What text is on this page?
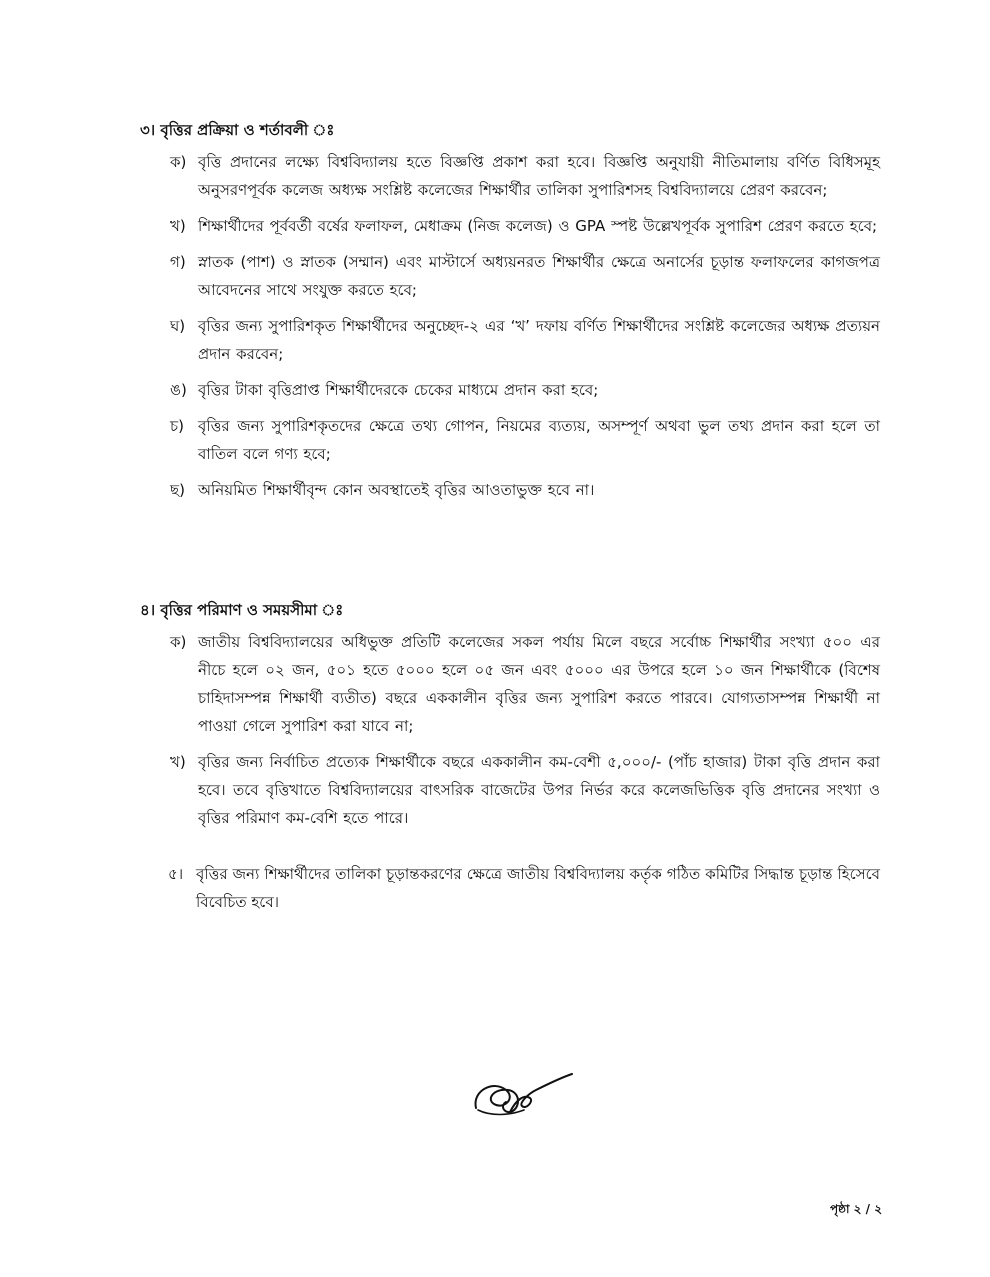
৩। বৃত্তির প্রক্রিয়া ও শর্তাবলী ঃ
ক) বৃত্তি প্রদানের লক্ষ্যে বিশ্ববিদ্যালয় হতে বিজ্ঞপ্তি প্রকাশ করা হবে। বিজ্ঞপ্তি অনুযায়ী নীতিমালায় বর্ণিত বিধিসমূহ অনুসরণপূর্বক কলেজ অধ্যক্ষ সংশ্লিষ্ট কলেজের শিক্ষার্থীর তালিকা সুপারিশসহ বিশ্ববিদ্যালয়ে প্রেরণ করবেন;
খ) শিক্ষার্থীদের পূর্ববর্তী বর্ষের ফলাফল, মেধাক্রম (নিজ কলেজ) ও GPA স্পষ্ট উল্লেখপূর্বক সুপারিশ প্রেরণ করতে হবে;
গ) স্নাতক (পাশ) ও স্নাতক (সম্মান) এবং মাস্টার্সে অধ্যয়নরত শিক্ষার্থীর ক্ষেত্রে অনার্সের চূড়ান্ত ফলাফলের কাগজপত্র আবেদনের সাথে সংযুক্ত করতে হবে;
ঘ) বৃত্তির জন্য সুপারিশকৃত শিক্ষার্থীদের অনুচ্ছেদ-২ এর ‘খ’ দফায় বর্ণিত শিক্ষার্থীদের সংশ্লিষ্ট কলেজের অধ্যক্ষ প্রত্যয়ন প্রদান করবেন;
ঙ) বৃত্তির টাকা বৃত্তিপ্রাপ্ত শিক্ষার্থীদেরকে চেকের মাধ্যমে প্রদান করা হবে;
চ) বৃত্তির জন্য সুপারিশকৃতদের ক্ষেত্রে তথ্য গোপন, নিয়মের ব্যত্যয়, অসম্পূর্ণ অথবা ভুল তথ্য প্রদান করা হলে তা বাতিল বলে গণ্য হবে;
ছ) অনিয়মিত শিক্ষার্থীবৃন্দ কোন অবস্থাতেই বৃত্তির আওতাভুক্ত হবে না।
৪। বৃত্তির পরিমাণ ও সময়সীমা ঃ
ক) জাতীয় বিশ্ববিদ্যালয়ের অধিভুক্ত প্রতিটি কলেজের সকল পর্যায় মিলে বছরে সর্বোচ্চ শিক্ষার্থীর সংখ্যা ৫০০ এর নীচে হলে ০২ জন, ৫০১ হতে ৫০০০ হলে ০৫ জন এবং ৫০০০ এর উপরে হলে ১০ জন শিক্ষার্থীকে (বিশেষ চাহিদাসম্পন্ন শিক্ষার্থী ব্যতীত) বছরে এককালীন বৃত্তির জন্য সুপারিশ করতে পারবে। যোগ্যতাসম্পন্ন শিক্ষার্থী না পাওয়া গেলে সুপারিশ করা যাবে না;
খ) বৃত্তির জন্য নির্বাচিত প্রত্যেক শিক্ষার্থীকে বছরে এককালীন কম-বেশী ৫,০০০/- (পাঁচ হাজার) টাকা বৃত্তি প্রদান করা হবে। তবে বৃত্তিখাতে বিশ্ববিদ্যালয়ের বাৎসরিক বাজেটের উপর নির্ভর করে কলেজভিত্তিক বৃত্তি প্রদানের সংখ্যা ও বৃত্তির পরিমাণ কম-বেশি হতে পারে।
৫। বৃত্তির জন্য শিক্ষার্থীদের তালিকা চূড়ান্তকরণের ক্ষেত্রে জাতীয় বিশ্ববিদ্যালয় কর্তৃক গঠিত কমিটির সিদ্ধান্ত চূড়ান্ত হিসেবে বিবেচিত হবে।
পৃষ্ঠা ২ / ২
